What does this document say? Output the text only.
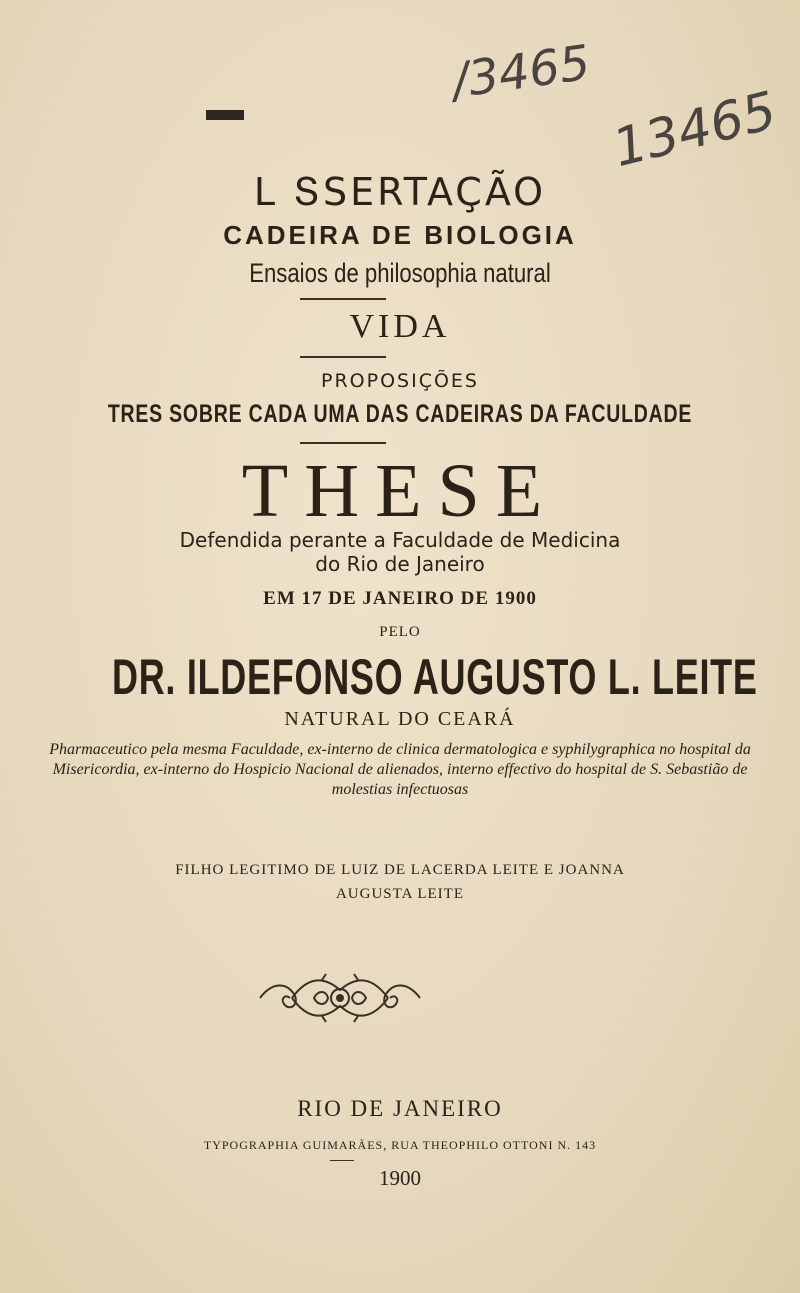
/3465
13465
L ՏSERTAÇÃO
CADEIRA DE BIOLOGIA
Ensaios de philosophia natural
VIDA
PROPOSIÇÕES
TRES SOBRE CADA UMA DAS CADEIRAS DA FACULDADE
THESE
Defendida perante a Faculdade de Medicina
do Rio de Janeiro
EM 17 DE JANEIRO DE 1900
PELO
DR. ILDEFONSO AUGUSTO L. LEITE
NATURAL DO CEARÁ
Pharmaceutico pela mesma Faculdade, ex-interno de clinica dermatologica e syphilygraphica no hospital da Misericordia, ex-interno do Hospicio Nacional de alienados, interno effectivo do hospital de S. Sebastião de molestias infectuosas
FILHO LEGITIMO DE LUIZ DE LACERDA LEITE E JOANNA
AUGUSTA LEITE
RIO DE JANEIRO
TYPOGRAPHIA GUIMARÃES, RUA THEOPHILO OTTONI N. 143
1900
